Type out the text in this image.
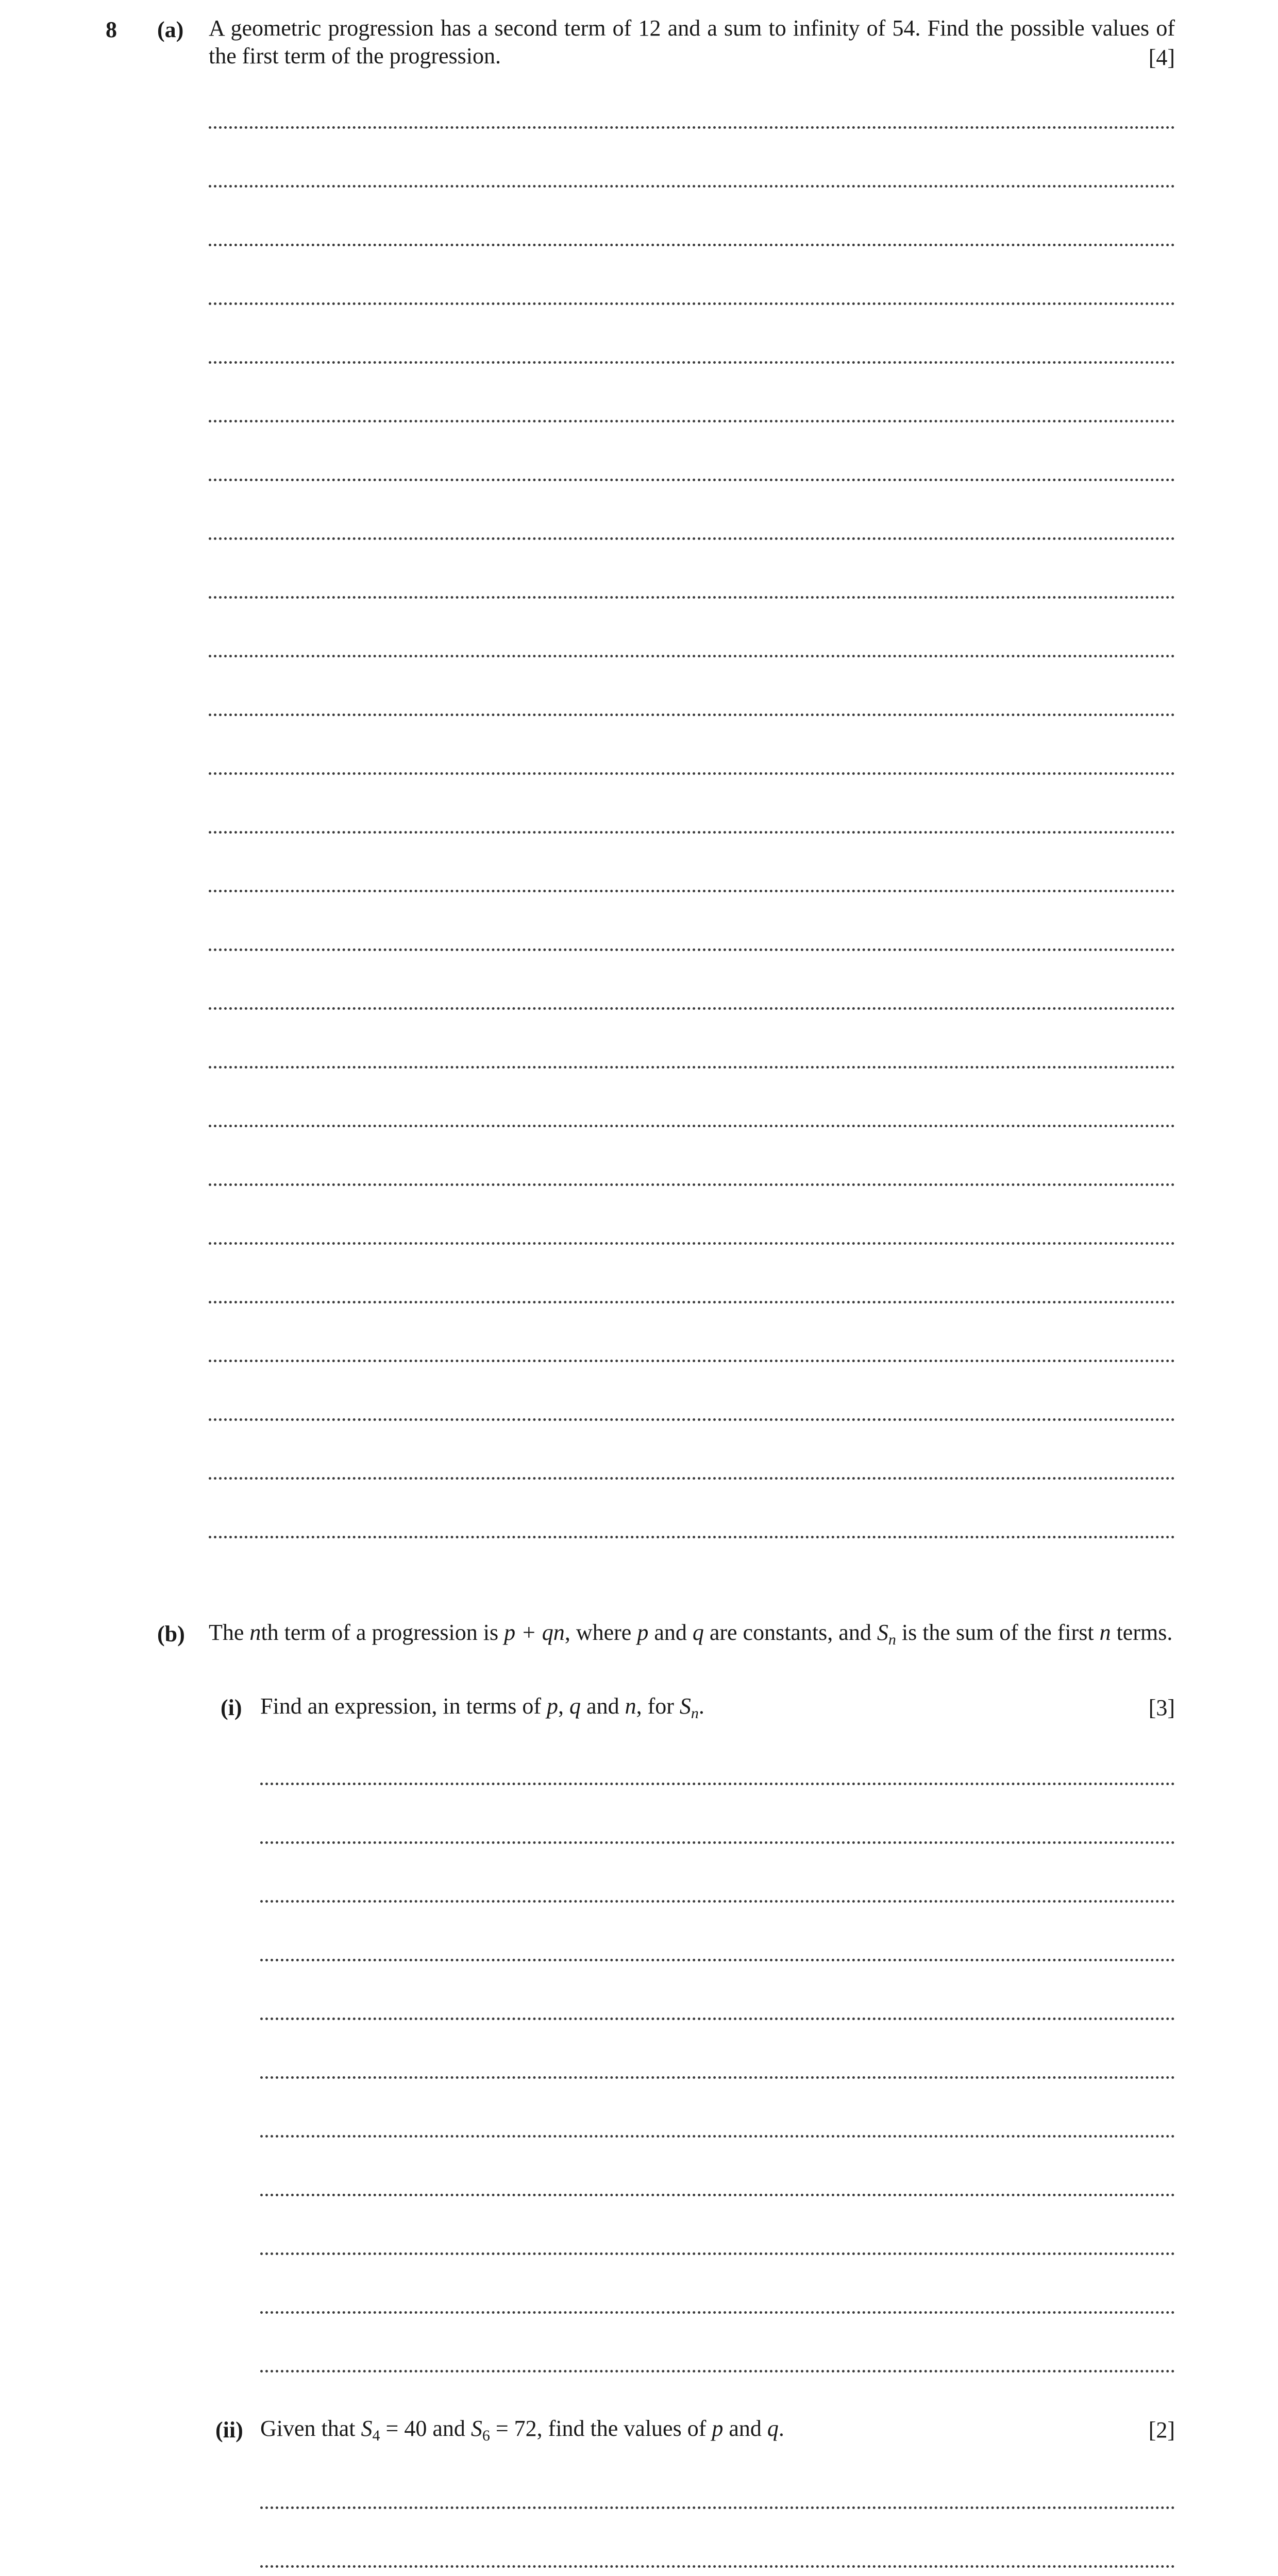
8 (a) A geometric progression has a second term of 12 and a sum to infinity of 54. Find the possible values of the first term of the progression.	[4]
(b) The nth term of a progression is p + qn, where p and q are constants, and $S_n$ is the sum of the first n terms.
(i) Find an expression, in terms of p, q and n, for $S_n$.	[3]
(ii) Given that $S_4 = 40$ and $S_6 = 72$, find the values of p and q.	[2]
